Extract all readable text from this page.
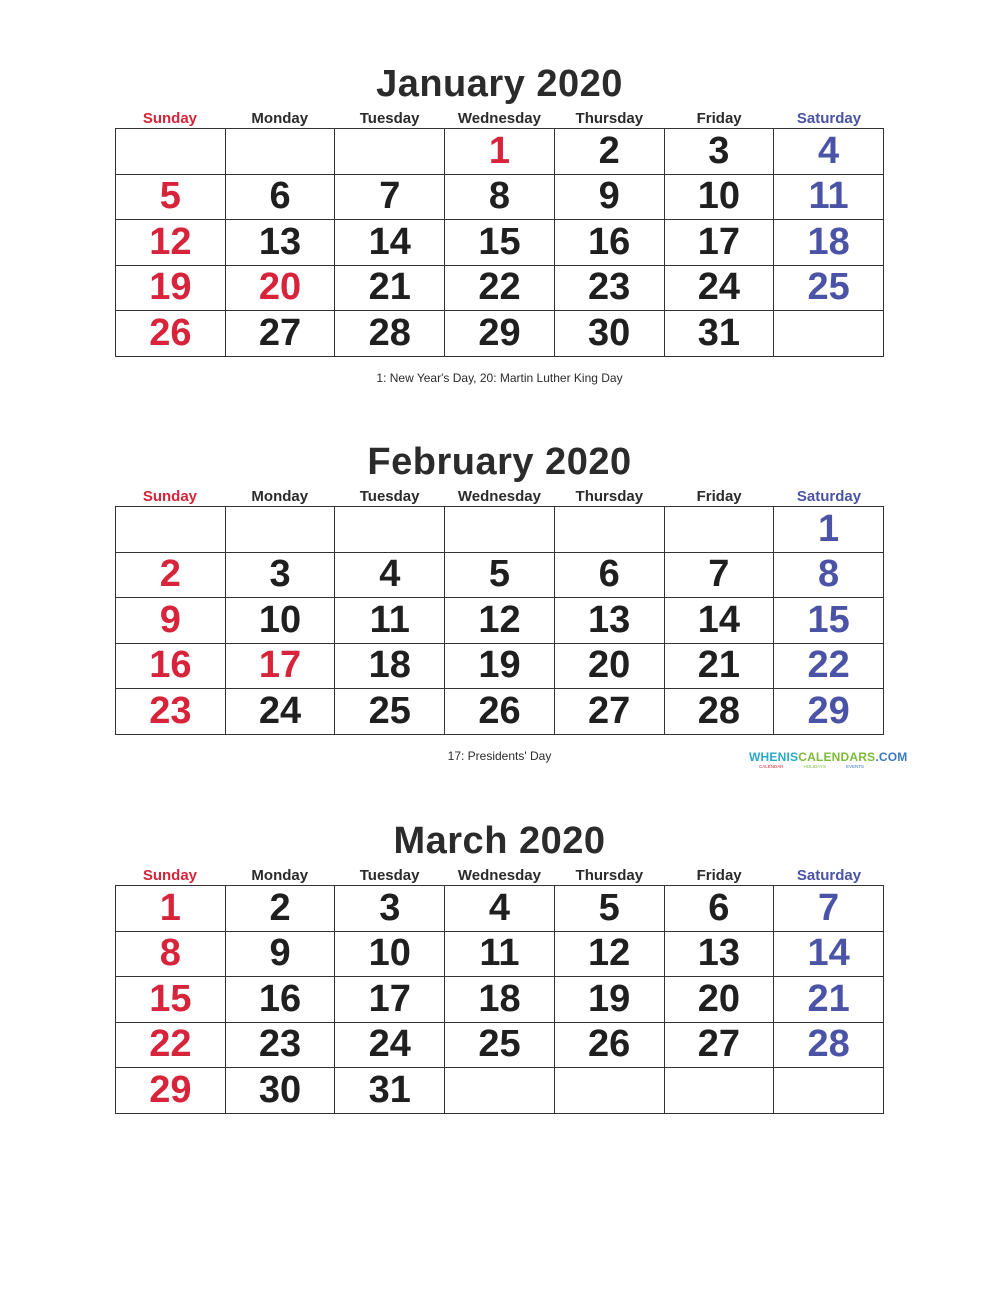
January 2020
Sunday	Monday	Tuesday	Wednesday	Thursday	Friday	Saturday
			1	2	3	4
5	6	7	8	9	10	11
12	13	14	15	16	17	18
19	20	21	22	23	24	25
26	27	28	29	30	31	
1: New Year's Day, 20: Martin Luther King Day
February 2020
Sunday	Monday	Tuesday	Wednesday	Thursday	Friday	Saturday
						1
2	3	4	5	6	7	8
9	10	11	12	13	14	15
16	17	18	19	20	21	22
23	24	25	26	27	28	29
17: Presidents' Day	WHENISCALENDARS.COM
CALENDAR	HOLIDAYS	EVENTS
March 2020
Sunday	Monday	Tuesday	Wednesday	Thursday	Friday	Saturday
1	2	3	4	5	6	7
8	9	10	11	12	13	14
15	16	17	18	19	20	21
22	23	24	25	26	27	28
29	30	31				
